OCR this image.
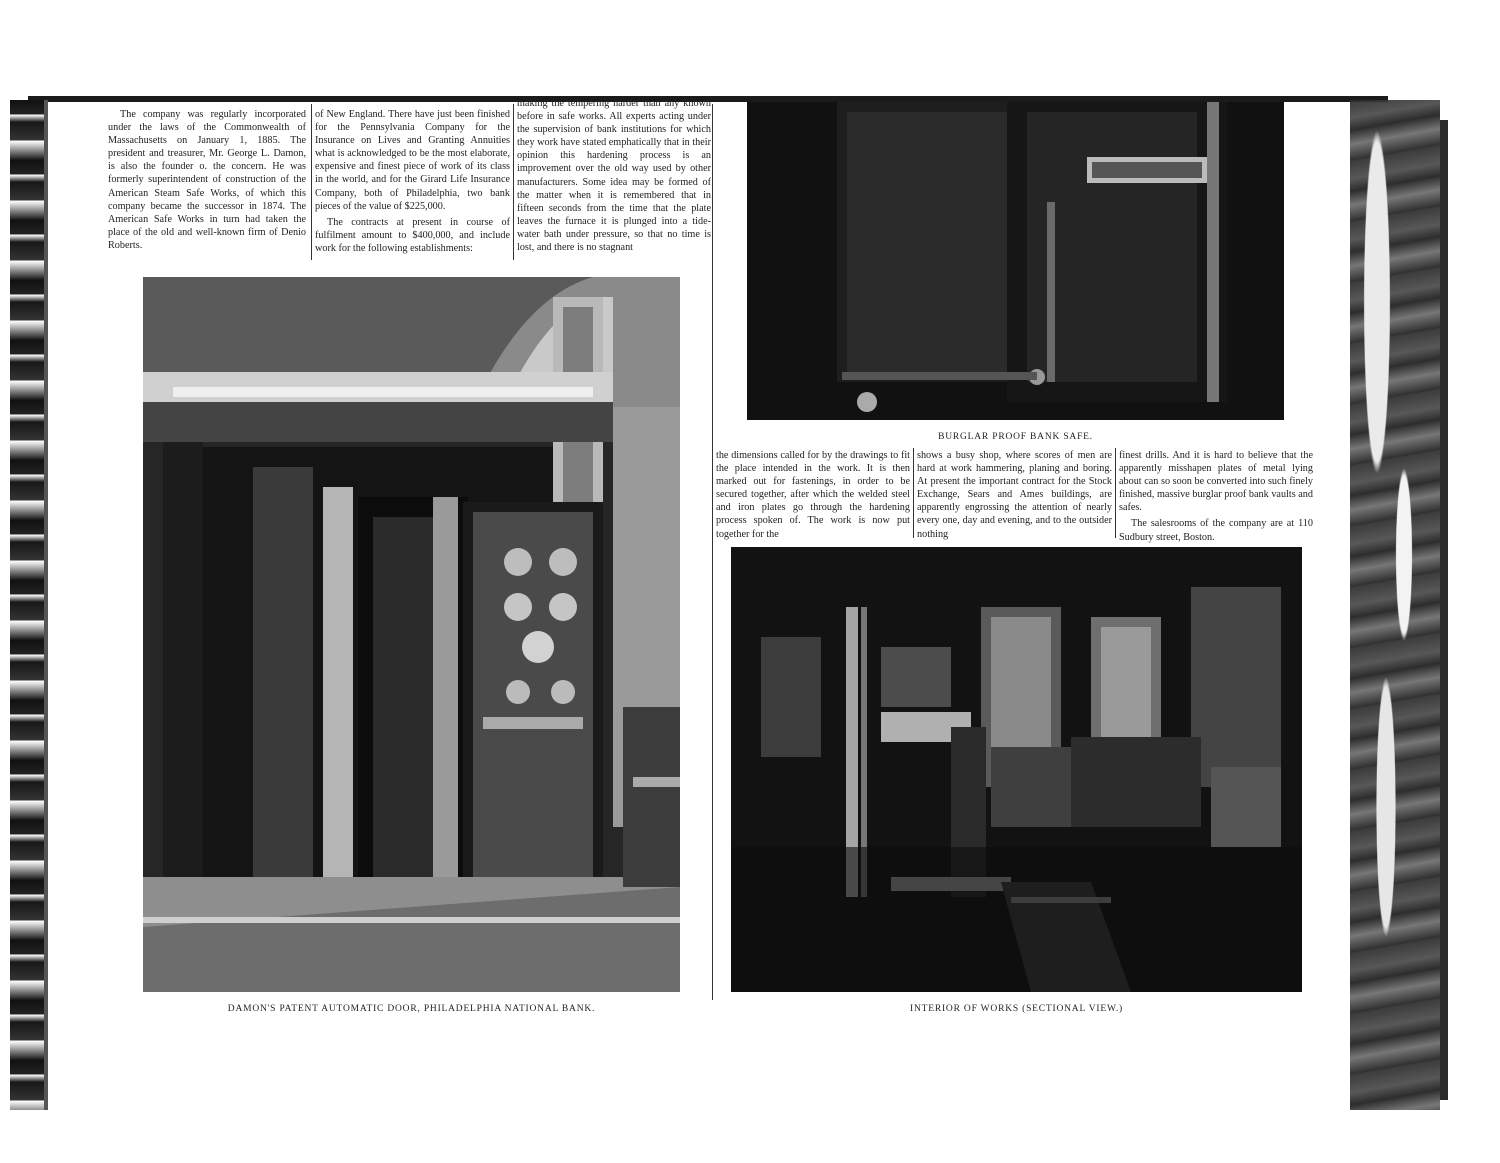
The company was regularly incorporated under the laws of the Commonwealth of Massachusetts on January 1, 1885. The president and treasurer, Mr. George L. Damon, is also the founder o. the concern. He was formerly superintendent of construction of the American Steam Safe Works, of which this company became the successor in 1874. The American Safe Works in turn had taken the place of the old and well-known firm of Denio Roberts.

of New England. There have just been finished for the Pennsylvania Company for the Insurance on Lives and Granting Annuities what is acknowledged to be the most elaborate, expensive and finest piece of work of its class in the world, and for the Girard Life Insurance Company, both of Philadelphia, two bank pieces of the value of $225,000.

The contracts at present in course of fulfilment amount to $400,000, and include work for the following establishments:

making the tempering harder than any known before in safe works. All experts acting under the supervision of bank institutions for which they work have stated emphatically that in their opinion this hardening process is an improvement over the old way used by other manufacturers. Some idea may be formed of the matter when it is remembered that in fifteen seconds from the time that the plate leaves the furnace it is plunged into a tide-water bath under pressure, so that no time is lost, and there is no stagnant

DAMON'S PATENT AUTOMATIC DOOR, PHILADELPHIA NATIONAL BANK.
BURGLAR PROOF BANK SAFE.

the dimensions called for by the drawings to fit the place intended in the work. It is then marked out for fastenings, in order to be secured together, after which the welded steel and iron plates go through the hardening process spoken of. The work is now put together for the

shows a busy shop, where scores of men are hard at work hammering, planing and boring. At present the important contract for the Stock Exchange, Sears and Ames buildings, are apparently engrossing the attention of nearly every one, day and evening, and to the outsider nothing

finest drills. And it is hard to believe that the apparently misshapen plates of metal lying about can so soon be converted into such finely finished, massive burglar proof bank vaults and safes.

The salesrooms of the company are at 110 Sudbury street, Boston.

INTERIOR OF WORKS (SECTIONAL VIEW.)
